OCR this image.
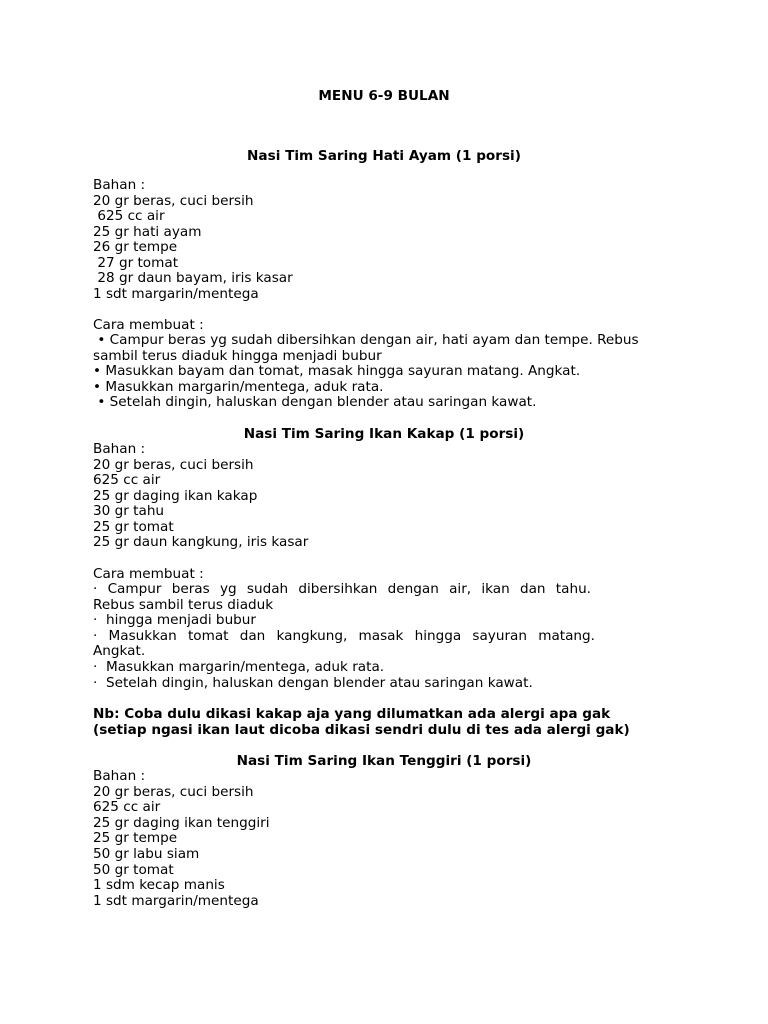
MENU 6-9 BULAN
Nasi Tim Saring Hati Ayam (1 porsi)
Bahan :
20 gr beras, cuci bersih
625 cc air
25 gr hati ayam
26 gr tempe
27 gr tomat
28 gr daun bayam, iris kasar
1 sdt margarin/mentega
Cara membuat :
• Campur beras yg sudah dibersihkan dengan air, hati ayam dan tempe. Rebus
sambil terus diaduk hingga menjadi bubur
• Masukkan bayam dan tomat, masak hingga sayuran matang. Angkat.
• Masukkan margarin/mentega, aduk rata.
• Setelah dingin, haluskan dengan blender atau saringan kawat.
Nasi Tim Saring Ikan Kakap (1 porsi)
Bahan :
20 gr beras, cuci bersih
625 cc air
25 gr daging ikan kakap
30 gr tahu
25 gr tomat
25 gr daun kangkung, iris kasar
Cara membuat :
· Campur beras yg sudah dibersihkan dengan air, ikan dan tahu.
Rebus sambil terus diaduk
·  hingga menjadi bubur
· Masukkan tomat dan kangkung, masak hingga sayuran matang.
Angkat.
·  Masukkan margarin/mentega, aduk rata.
·  Setelah dingin, haluskan dengan blender atau saringan kawat.
Nb: Coba dulu dikasi kakap aja yang dilumatkan ada alergi apa gak
(setiap ngasi ikan laut dicoba dikasi sendri dulu di tes ada alergi gak)
Nasi Tim Saring Ikan Tenggiri (1 porsi)
Bahan :
20 gr beras, cuci bersih
625 cc air
25 gr daging ikan tenggiri
25 gr tempe
50 gr labu siam
50 gr tomat
1 sdm kecap manis
1 sdt margarin/mentega
